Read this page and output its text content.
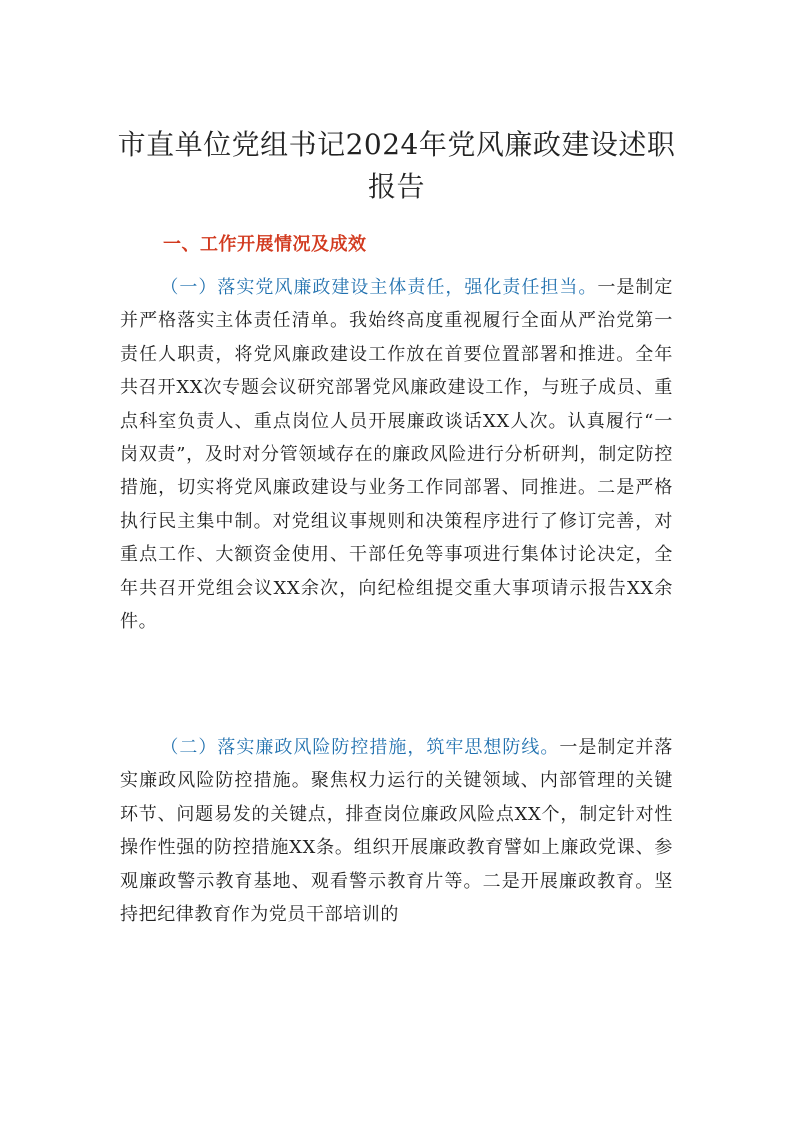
市直单位党组书记2024年党风廉政建设述职报告
一、工作开展情况及成效
（一）落实党风廉政建设主体责任，强化责任担当。一是制定并严格落实主体责任清单。我始终高度重视履行全面从严治党第一责任人职责，将党风廉政建设工作放在首要位置部署和推进。全年共召开XX次专题会议研究部署党风廉政建设工作，与班子成员、重点科室负责人、重点岗位人员开展廉政谈话XX人次。认真履行“一岗双责”，及时对分管领域存在的廉政风险进行分析研判，制定防控措施，切实将党风廉政建设与业务工作同部署、同推进。二是严格执行民主集中制。对党组议事规则和决策程序进行了修订完善，对重点工作、大额资金使用、干部任免等事项进行集体讨论决定，全年共召开党组会议XX余次，向纪检组提交重大事项请示报告XX余件。
（二）落实廉政风险防控措施，筑牢思想防线。一是制定并落实廉政风险防控措施。聚焦权力运行的关键领域、内部管理的关键环节、问题易发的关键点，排查岗位廉政风险点XX个，制定针对性操作性强的防控措施XX条。组织开展廉政教育譬如上廉政党课、参观廉政警示教育基地、观看警示教育片等。二是开展廉政教育。坚持把纪律教育作为党员干部培训的
